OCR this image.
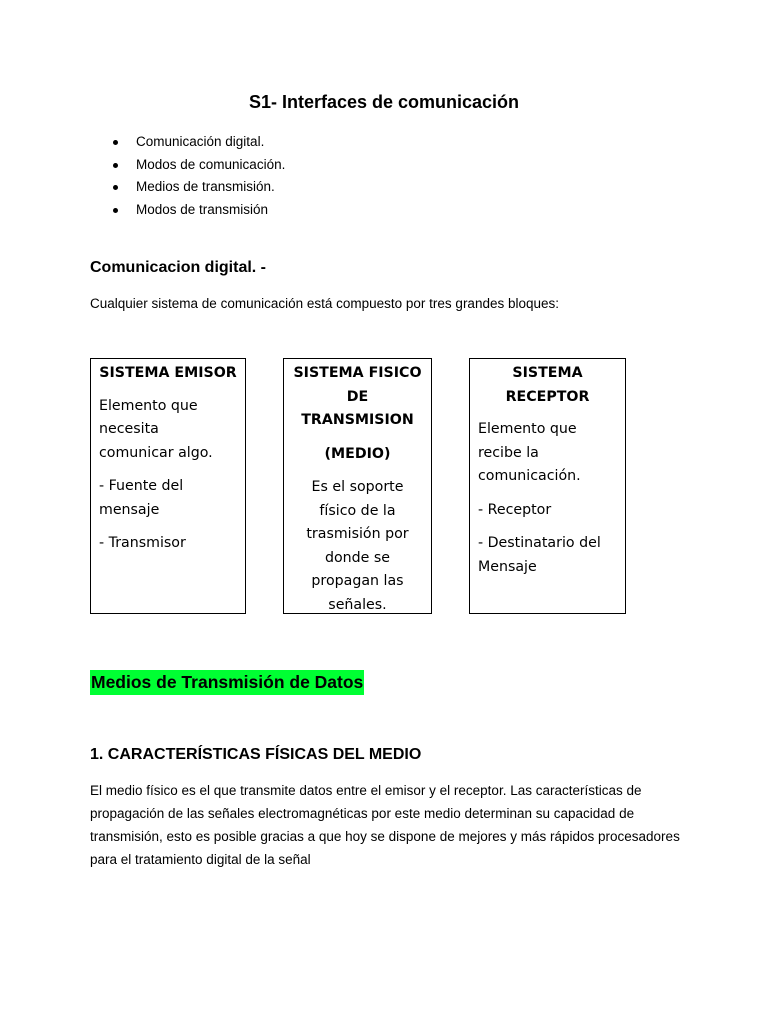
S1- Interfaces de comunicación
Comunicación digital.
Modos de comunicación.
Medios de transmisión.
Modos de transmisión
Comunicacion digital. -

Cualquier sistema de comunicación está compuesto por tres grandes bloques:

SISTEMA EMISOR
Elemento que necesita comunicar algo.
- Fuente del mensaje
- Transmisor
SISTEMA FISICO DE TRANSMISION
(MEDIO)
Es el soporte físico de la trasmisión por donde se propagan las señales.
SISTEMA RECEPTOR
Elemento que recibe la comunicación.
- Receptor
- Destinatario del Mensaje
Medios de Transmisión de Datos
1. CARACTERÍSTICAS FÍSICAS DEL MEDIO

El medio físico es el que transmite datos entre el emisor y el receptor. Las características de propagación de las señales electromagnéticas por este medio determinan su capacidad de transmisión, esto es posible gracias a que hoy se dispone de mejores y más rápidos procesadores para el tratamiento digital de la señal
